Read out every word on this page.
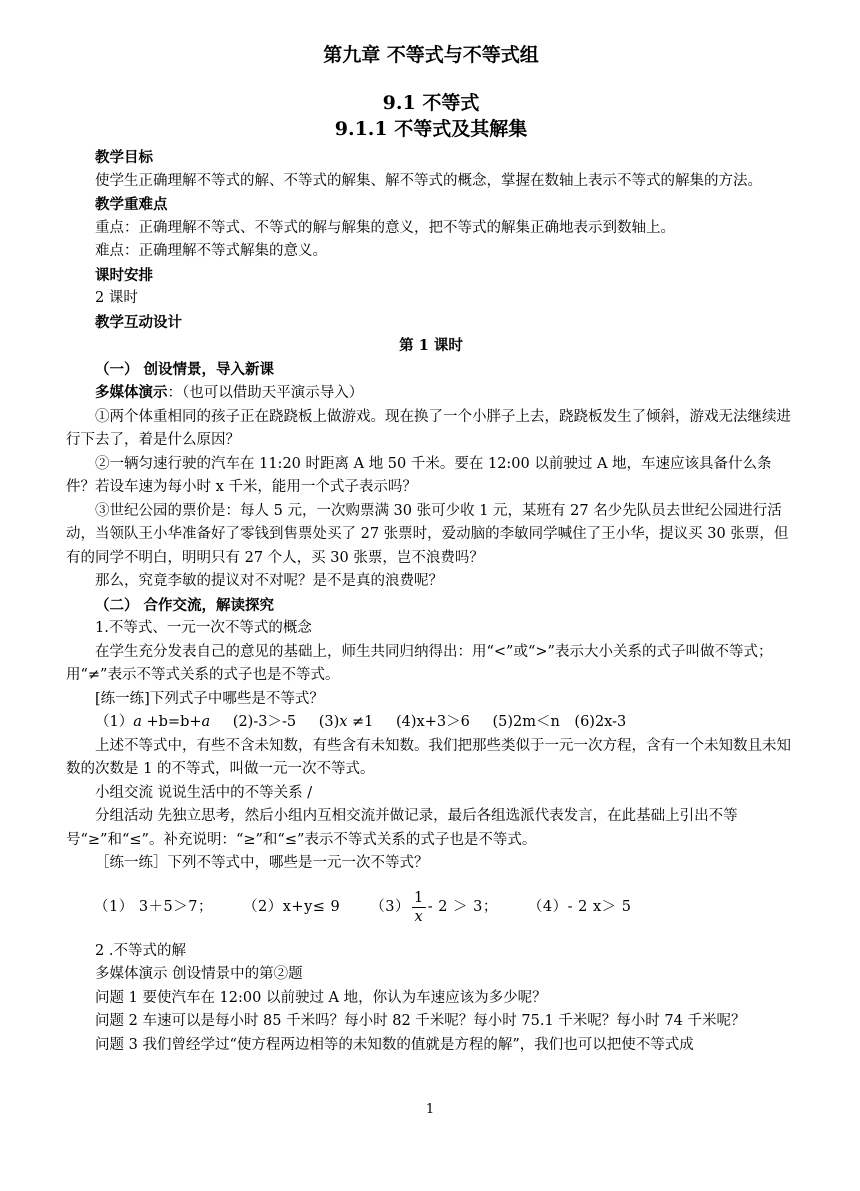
第九章 不等式与不等式组

9.1 不等式

9.1.1 不等式及其解集

教学目标

使学生正确理解不等式的解、不等式的解集、解不等式的概念，掌握在数轴上表示不等式的解集的方法。

教学重难点

重点：正确理解不等式、不等式的解与解集的意义，把不等式的解集正确地表示到数轴上。

难点：正确理解不等式解集的意义。

课时安排

2 课时

教学互动设计

第 1 课时

（一） 创设情景，导入新课

多媒体演示：（也可以借助天平演示导入）

①两个体重相同的孩子正在跷跷板上做游戏。现在换了一个小胖子上去，跷跷板发生了倾斜，游戏无法继续进行下去了，着是什么原因？

②一辆匀速行驶的汽车在 11:20 时距离 A 地 50 千米。要在 12:00 以前驶过 A 地，车速应该具备什么条件？若设车速为每小时 x 千米，能用一个式子表示吗？

③世纪公园的票价是：每人 5 元，一次购票满 30 张可少收 1 元，某班有 27 名少先队员去世纪公园进行活动，当领队王小华准备好了零钱到售票处买了 27 张票时，爱动脑的李敏同学喊住了王小华，提议买 30 张票，但有的同学不明白，明明只有 27 个人，买 30 张票，岂不浪费吗？

那么，究竟李敏的提议对不对呢？是不是真的浪费呢？

（二） 合作交流，解读探究

1.不等式、一元一次不等式的概念

在学生充分发表自己的意见的基础上，师生共同归纳得出：用“<”或“>”表示大小关系的式子叫做不等式；用“≠”表示不等式关系的式子也是不等式。

[练一练]下列式子中哪些是不等式？

（1）a +b=b+a (2)-3＞-5 (3)x ≠1 (4)x+3＞6 (5)2m＜n (6)2x-3

上述不等式中，有些不含未知数，有些含有未知数。我们把那些类似于一元一次方程，含有一个未知数且未知数的次数是 1 的不等式，叫做一元一次不等式。

小组交流 说说生活中的不等关系 /

分组活动 先独立思考，然后小组内互相交流并做记录，最后各组选派代表发言，在此基础上引出不等号“≥”和“≤”。补充说明：“≥”和“≤”表示不等式关系的式子也是不等式。

［练一练］下列不等式中，哪些是一元一次不等式？

（1） 3＋5＞7； （2）x+y≤ 9 $(3) \frac{1}{x} - 2 > 3$； （4）- 2 x＞ 5

2 .不等式的解

多媒体演示 创设情景中的第②题

问题 1 要使汽车在 12:00 以前驶过 A 地，你认为车速应该为多少呢？

问题 2 车速可以是每小时 85 千米吗？每小时 82 千米呢？每小时 75.1 千米呢？每小时 74 千米呢？

问题 3 我们曾经学过“使方程两边相等的未知数的值就是方程的解”，我们也可以把使不等式成

1
